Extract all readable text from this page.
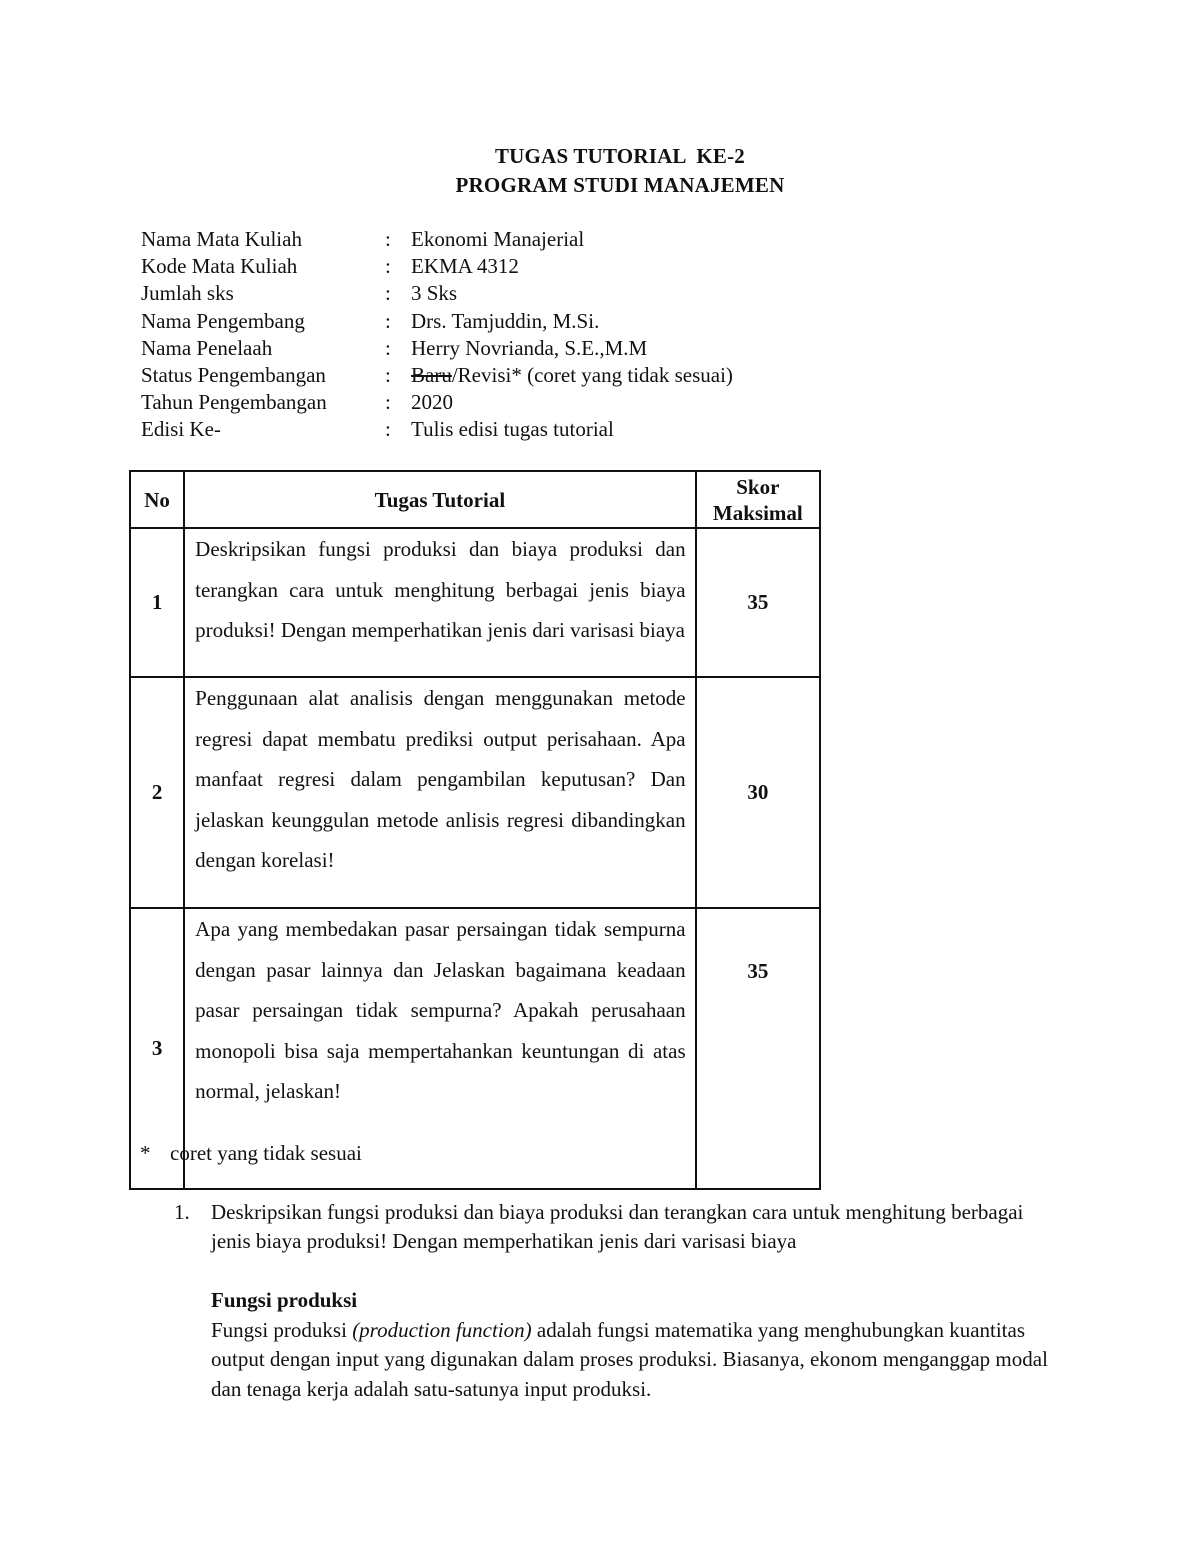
TUGAS TUTORIAL  KE-2
PROGRAM STUDI MANAJEMEN
Nama Mata Kuliah	: Ekonomi Manajerial
Kode Mata Kuliah	: EKMA 4312
Jumlah sks	: 3 Sks
Nama Pengembang	: Drs. Tamjuddin, M.Si.
Nama Penelaah	: Herry Novrianda, S.E.,M.M
Status Pengembangan	: Baru/Revisi* (coret yang tidak sesuai)
Tahun Pengembangan	: 2020
Edisi Ke-	: Tulis edisi tugas tutorial
No	Tugas Tutorial	Skor
Maksimal
1	Deskripsikan fungsi produksi dan biaya produksi dan terangkan cara untuk menghitung berbagai jenis biaya produksi! Dengan memperhatikan jenis dari varisasi biaya	35
2	Penggunaan alat analisis dengan menggunakan metode regresi dapat membatu prediksi output perisahaan. Apa manfaat regresi dalam pengambilan keputusan? Dan jelaskan keunggulan metode anlisis regresi dibandingkan dengan korelasi!	30
3	Apa yang membedakan pasar persaingan tidak sempurna dengan pasar lainnya dan Jelaskan bagaimana keadaan pasar persaingan tidak sempurna? Apakah perusahaan monopoli bisa saja mempertahankan keuntungan di atas normal, jelaskan!	35
* coret yang tidak sesuai
1. Deskripsikan fungsi produksi dan biaya produksi dan terangkan cara untuk menghitung berbagai jenis biaya produksi! Dengan memperhatikan jenis dari varisasi biaya
Fungsi produksi

Fungsi produksi (production function) adalah fungsi matematika yang menghubungkan kuantitas output dengan input yang digunakan dalam proses produksi. Biasanya, ekonom menganggap modal dan tenaga kerja adalah satu-satunya input produksi.
